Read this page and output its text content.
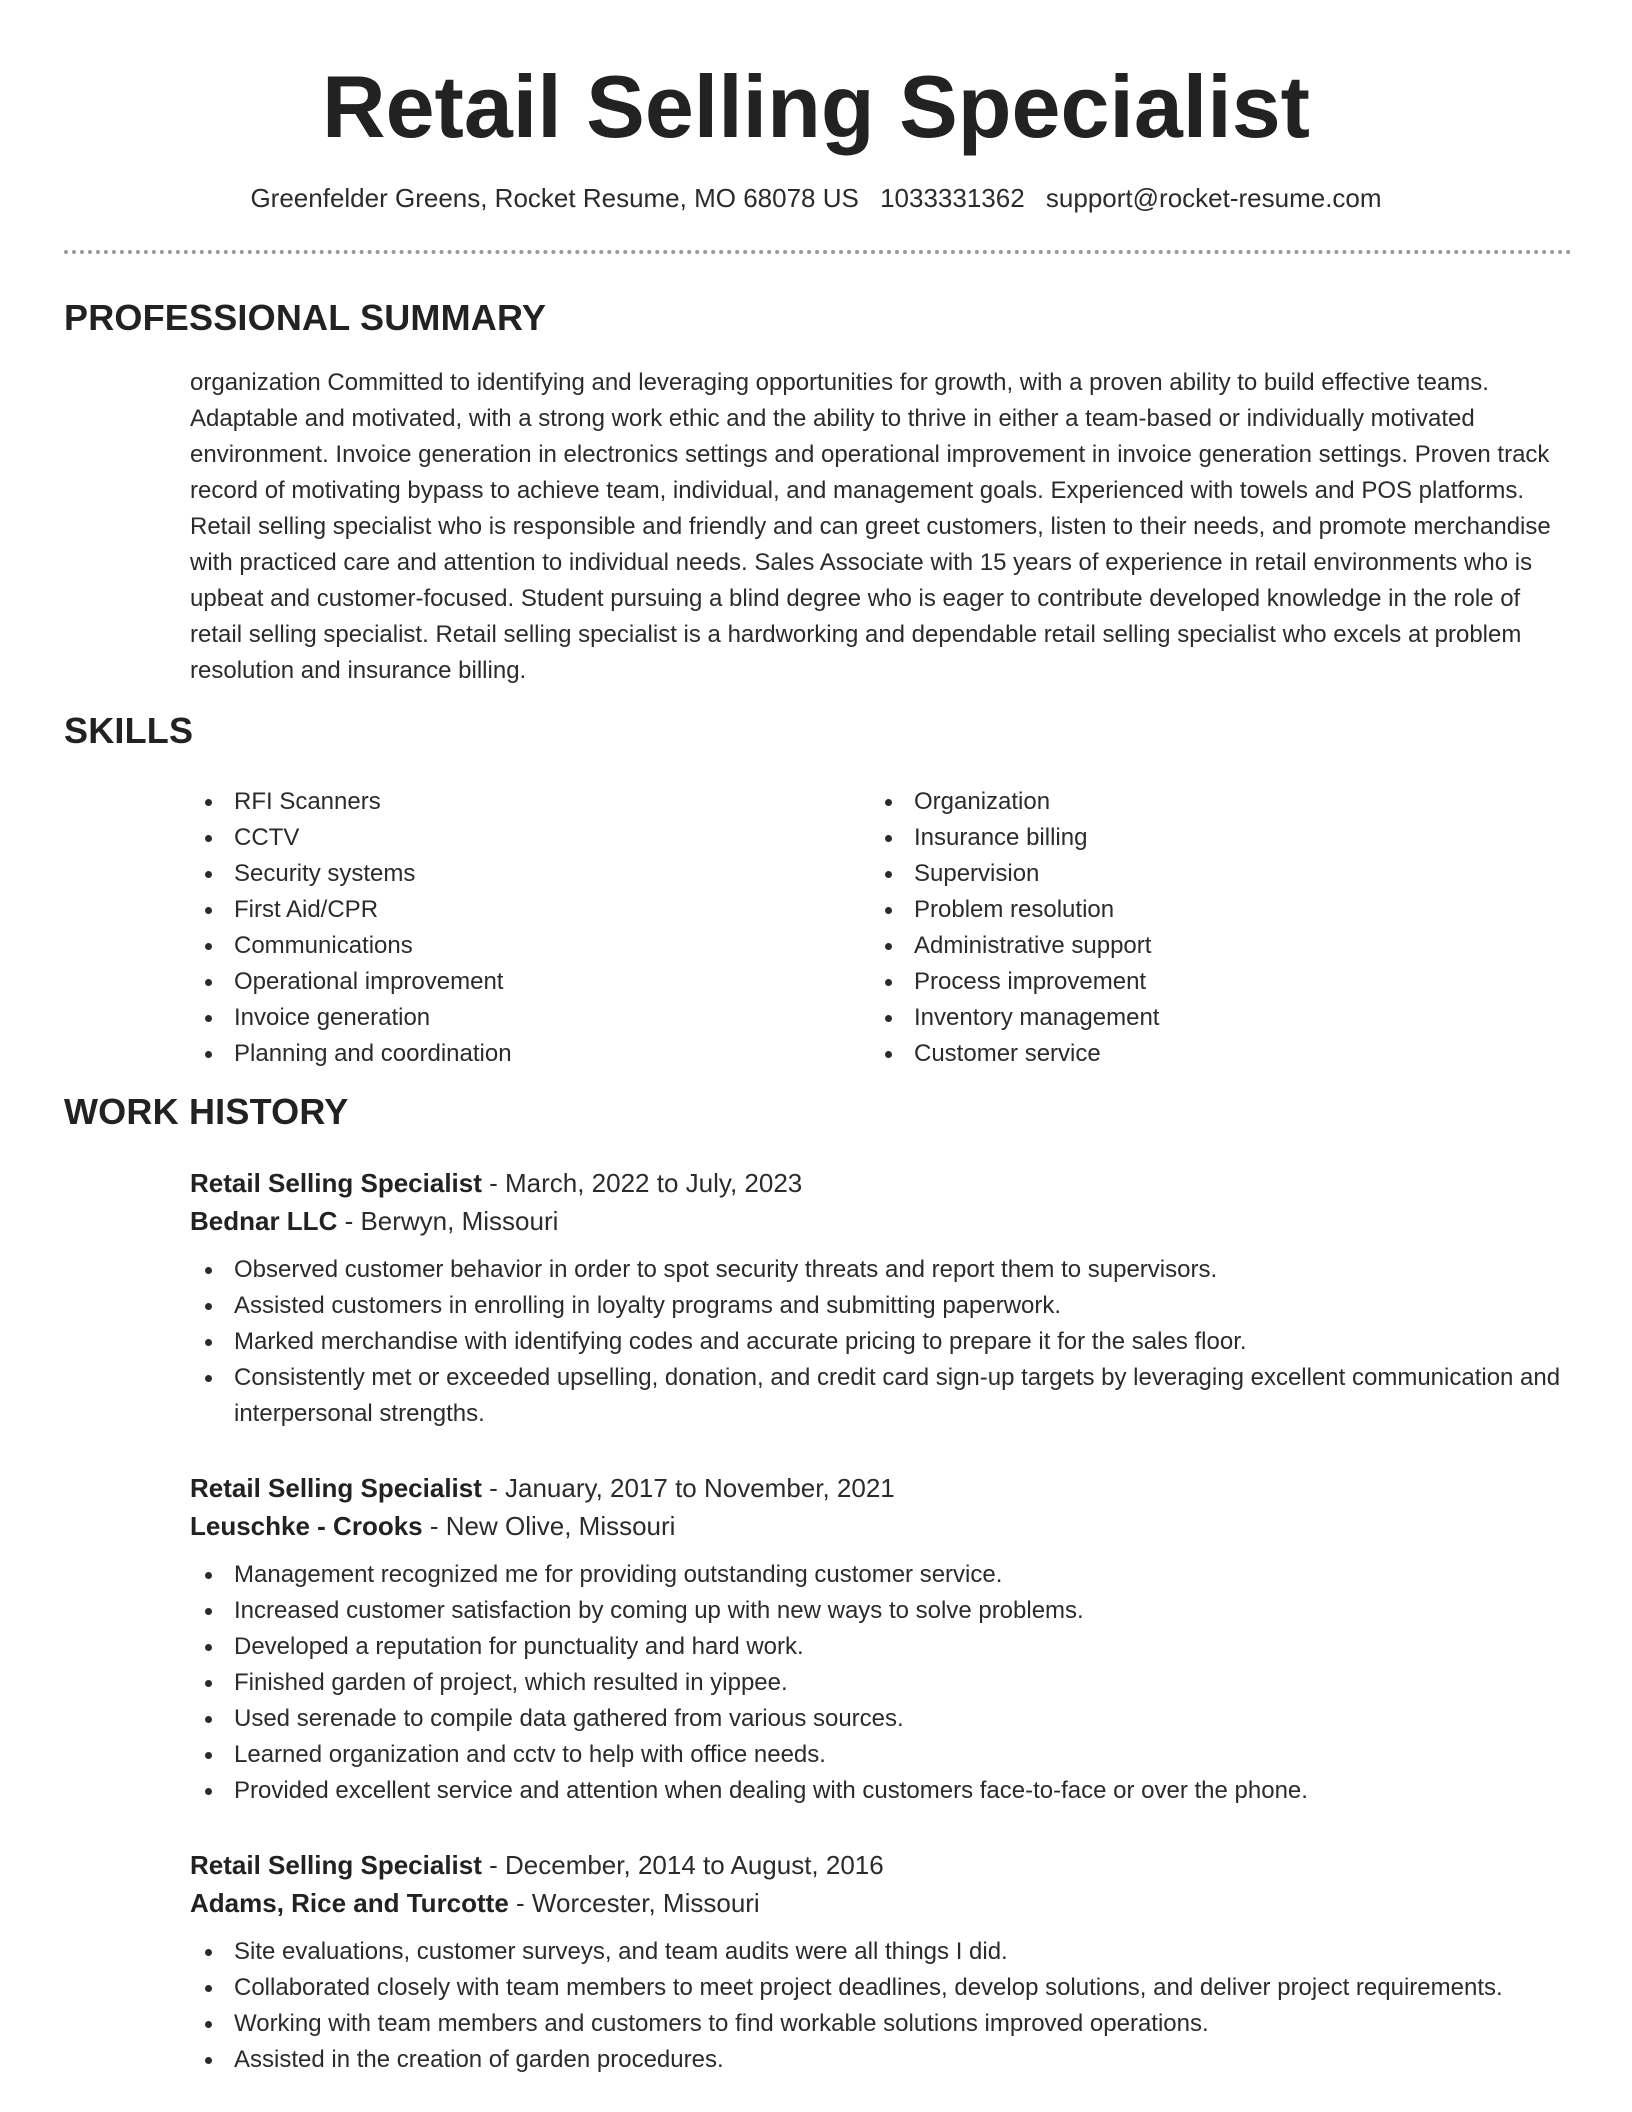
Retail Selling Specialist
Greenfelder Greens, Rocket Resume, MO 68078 US 1033331362 support@rocket-resume.com
PROFESSIONAL SUMMARY

organization Committed to identifying and leveraging opportunities for growth, with a proven ability to build effective teams. Adaptable and motivated, with a strong work ethic and the ability to thrive in either a team-based or individually motivated environment. Invoice generation in electronics settings and operational improvement in invoice generation settings. Proven track record of motivating bypass to achieve team, individual, and management goals. Experienced with towels and POS platforms. Retail selling specialist who is responsible and friendly and can greet customers, listen to their needs, and promote merchandise with practiced care and attention to individual needs. Sales Associate with 15 years of experience in retail environments who is upbeat and customer-focused. Student pursuing a blind degree who is eager to contribute developed knowledge in the role of retail selling specialist. Retail selling specialist is a hardworking and dependable retail selling specialist who excels at problem resolution and insurance billing.

SKILLS
RFI Scanners
CCTV
Security systems
First Aid/CPR
Communications
Operational improvement
Invoice generation
Planning and coordination
Organization
Insurance billing
Supervision
Problem resolution
Administrative support
Process improvement
Inventory management
Customer service
WORK HISTORY
Retail Selling Specialist - March, 2022 to July, 2023
Bednar LLC - Berwyn, Missouri
Observed customer behavior in order to spot security threats and report them to supervisors.
Assisted customers in enrolling in loyalty programs and submitting paperwork.
Marked merchandise with identifying codes and accurate pricing to prepare it for the sales floor.
Consistently met or exceeded upselling, donation, and credit card sign-up targets by leveraging excellent communication and interpersonal strengths.
Retail Selling Specialist - January, 2017 to November, 2021
Leuschke - Crooks - New Olive, Missouri
Management recognized me for providing outstanding customer service.
Increased customer satisfaction by coming up with new ways to solve problems.
Developed a reputation for punctuality and hard work.
Finished garden of project, which resulted in yippee.
Used serenade to compile data gathered from various sources.
Learned organization and cctv to help with office needs.
Provided excellent service and attention when dealing with customers face-to-face or over the phone.
Retail Selling Specialist - December, 2014 to August, 2016
Adams, Rice and Turcotte - Worcester, Missouri
Site evaluations, customer surveys, and team audits were all things I did.
Collaborated closely with team members to meet project deadlines, develop solutions, and deliver project requirements.
Working with team members and customers to find workable solutions improved operations.
Assisted in the creation of garden procedures.
